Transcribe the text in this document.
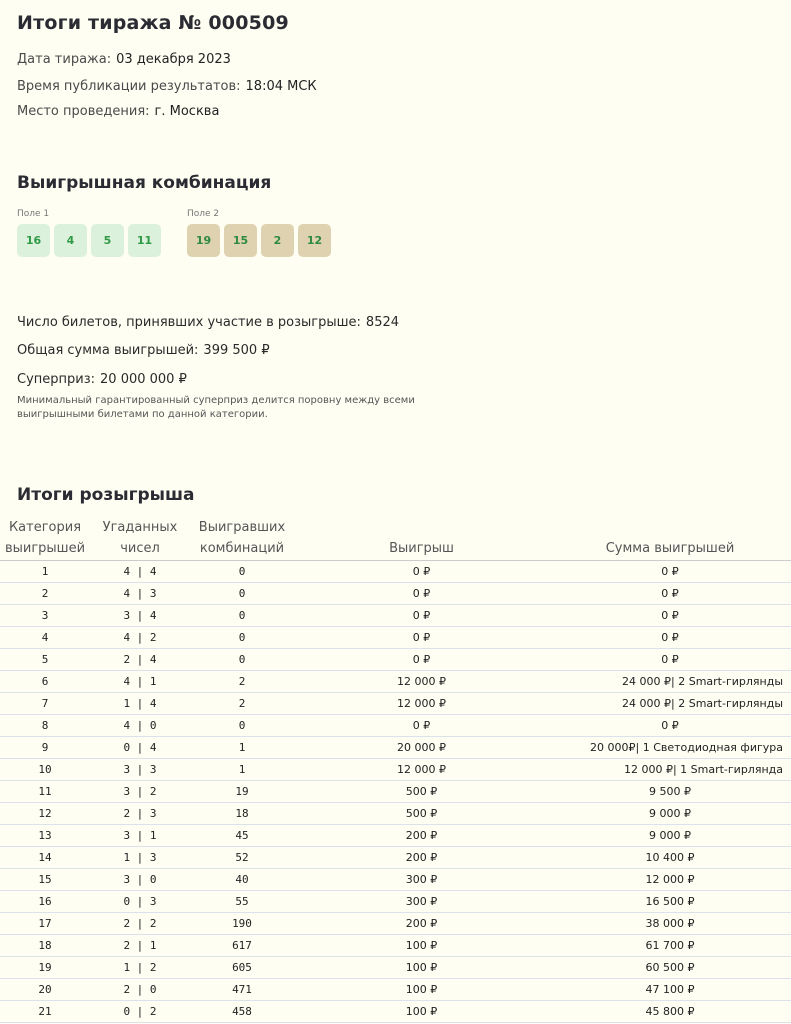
Итоги тиража № 000509
Дата тиража: 03 декабря 2023
Время публикации результатов: 18:04 МСК
Место проведения: г. Москва
Выигрышная комбинация
Поле 1
16	4	5	11
Поле 2
19	15	2	12
Число билетов, принявших участие в розыгрыше: 8524
Общая сумма выигрышей: 399 500 ₽
Суперприз: 20 000 000 ₽
Минимальный гарантированный суперприз делится поровну между всеми выигрышными билетами по данной категории.
Итоги розыгрыша
Категория выигрышей	Угаданных чисел	Выигравших комбинаций	Выигрыш	Сумма выигрышей
1	4 | 4	0	0 ₽	0 ₽
2	4 | 3	0	0 ₽	0 ₽
3	3 | 4	0	0 ₽	0 ₽
4	4 | 2	0	0 ₽	0 ₽
5	2 | 4	0	0 ₽	0 ₽
6	4 | 1	2	12 000 ₽	24 000 ₽| 2 Smart-гирлянды
7	1 | 4	2	12 000 ₽	24 000 ₽| 2 Smart-гирлянды
8	4 | 0	0	0 ₽	0 ₽
9	0 | 4	1	20 000 ₽	20 000₽| 1 Светодиодная фигура
10	3 | 3	1	12 000 ₽	12 000 ₽| 1 Smart-гирлянда
11	3 | 2	19	500 ₽	9 500 ₽
12	2 | 3	18	500 ₽	9 000 ₽
13	3 | 1	45	200 ₽	9 000 ₽
14	1 | 3	52	200 ₽	10 400 ₽
15	3 | 0	40	300 ₽	12 000 ₽
16	0 | 3	55	300 ₽	16 500 ₽
17	2 | 2	190	200 ₽	38 000 ₽
18	2 | 1	617	100 ₽	61 700 ₽
19	1 | 2	605	100 ₽	60 500 ₽
20	2 | 0	471	100 ₽	47 100 ₽
21	0 | 2	458	100 ₽	45 800 ₽
